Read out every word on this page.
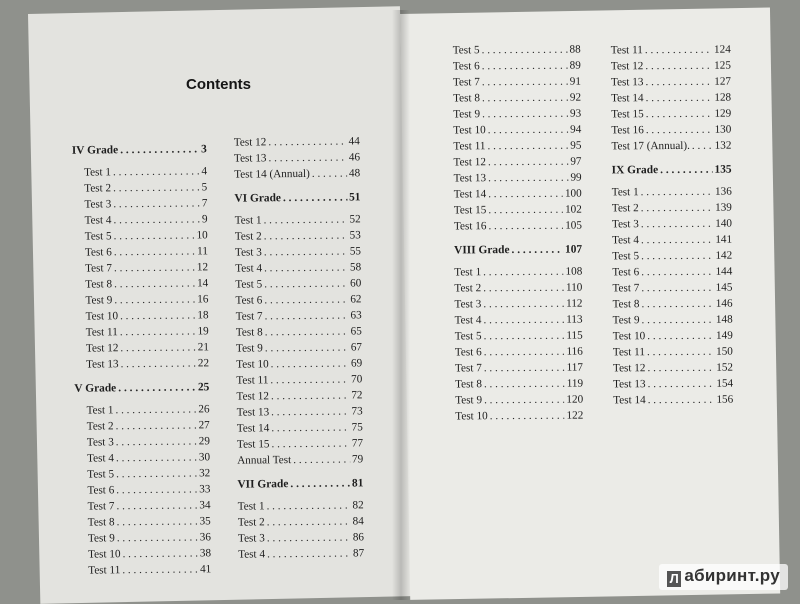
Contents
IV Grade . . .	3
Test 1 . . .	4
Test 2 . . .	5
Test 3 . . .	7
Test 4 . . .	9
Test 5 . . .	10
Test 6 . . .	11
Test 7 . . .	12
Test 8 . . .	14
Test 9 . . .	16
Test 10 . . .	18
Test 11 . . .	19
Test 12 . . .	21
Test 13 . . .	22
V Grade . . .	25
Test 1 . . .	26
Test 2 . . .	27
Test 3 . . .	29
Test 4 . . .	30
Test 5 . . .	32
Test 6 . . .	33
Test 7 . . .	34
Test 8 . . .	35
Test 9 . . .	36
Test 10 . . .	38
Test 11 . . .	41
Test 12 . . .	44
Test 13 . . .	46
Test 14 (Annual) . . .	48
VI Grade . . .	51
Test 1 . . .	52
Test 2 . . .	53
Test 3 . . .	55
Test 4 . . .	58
Test 5 . . .	60
Test 6 . . .	62
Test 7 . . .	63
Test 8 . . .	65
Test 9 . . .	67
Test 10 . . .	69
Test 11 . . .	70
Test 12 . . .	72
Test 13 . . .	73
Test 14 . . .	75
Test 15 . . .	77
Annual Test . . .	79
VII Grade . . .	81
Test 1 . . .	82
Test 2 . . .	84
Test 3 . . .	86
Test 4 . . .	87
Test 5 . . .	88
Test 6 . . .	89
Test 7 . . .	91
Test 8 . . .	92
Test 9 . . .	93
Test 10 . . .	94
Test 11 . . .	95
Test 12 . . .	97
Test 13 . . .	99
Test 14 . . .	100
Test 15 . . .	102
Test 16 . . .	105
VIII Grade . . .	107
Test 1 . . .	108
Test 2 . . .	110
Test 3 . . .	112
Test 4 . . .	113
Test 5 . . .	115
Test 6 . . .	116
Test 7 . . .	117
Test 8 . . .	119
Test 9 . . .	120
Test 10 . . .	122
Test 11 . . .	124
Test 12 . . .	125
Test 13 . . .	127
Test 14 . . .	128
Test 15 . . .	129
Test 16 . . .	130
Test 17 (Annual). . . . 132
IX Grade . . .	135
Test 1 . . .	136
Test 2 . . .	139
Test 3 . . .	140
Test 4 . . .	141
Test 5 . . .	142
Test 6 . . .	144
Test 7 . . .	145
Test 8 . . .	146
Test 9 . . .	148
Test 10 . . .	149
Test 11 . . .	150
Test 12 . . .	152
Test 13 . . .	154
Test 14 . . .	156
Л абиринт.ру
